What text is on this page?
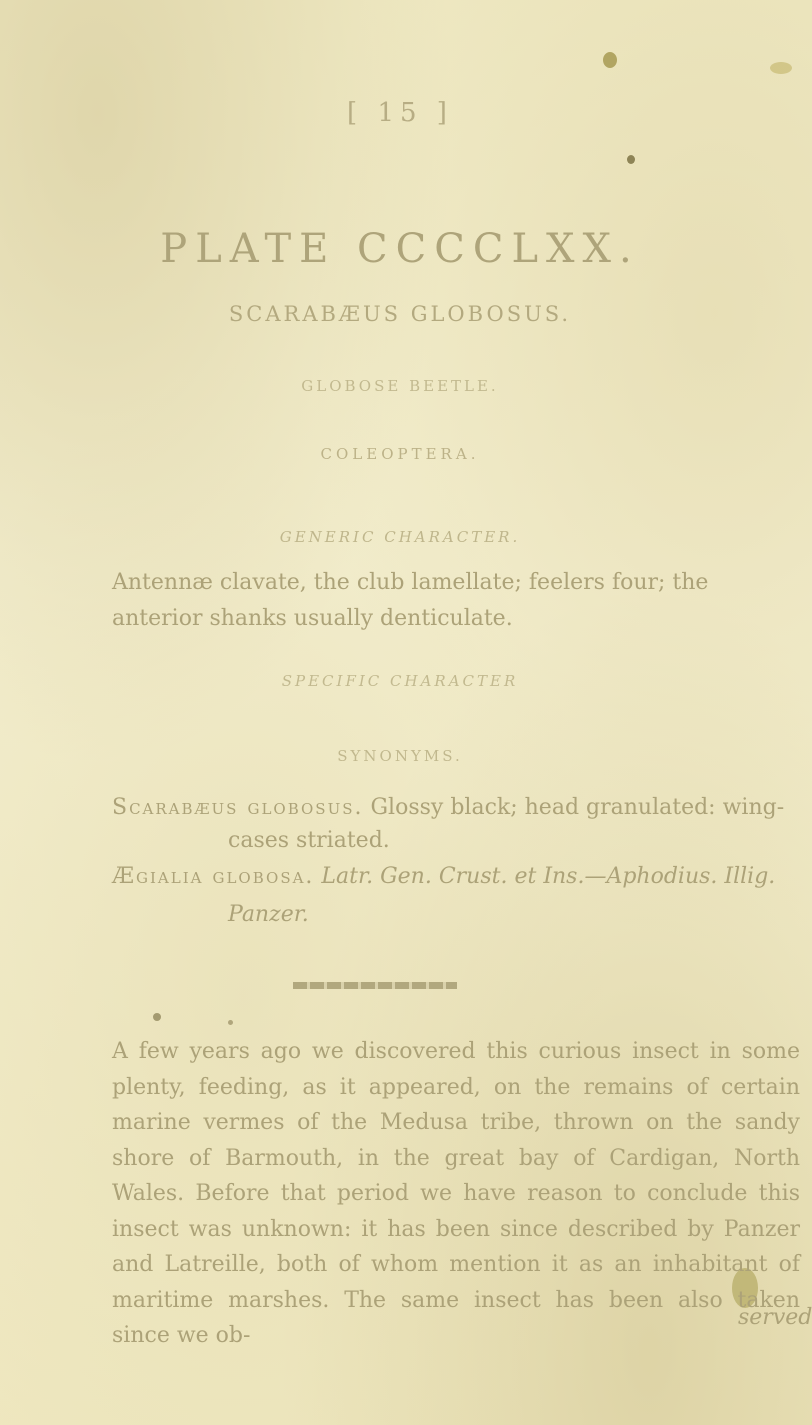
[ 15 ]
PLATE CCCCLXX.
SCARABÆUS GLOBOSUS.
GLOBOSE BEETLE.
COLEOPTERA.
GENERIC CHARACTER.
Antennæ clavate, the club lamellate; feelers four; the anterior shanks usually denticulate.
SPECIFIC CHARACTER
SYNONYMS.
Scarabæus globosus. Glossy black; head granulated: wing-
cases striated.
Ægialia globosa. Latr. Gen. Crust. et Ins.—Aphodius. Illig.
Panzer.
A few years ago we discovered this curious insect in some plenty, feeding, as it appeared, on the remains of certain marine vermes of the Medusa tribe, thrown on the sandy shore of Barmouth, in the great bay of Cardigan, North Wales. Before that period we have reason to conclude this insect was unknown: it has been since described by Panzer and Latreille, both of whom mention it as an inhabitant of maritime marshes. The same insect has been also taken since we ob-
served
